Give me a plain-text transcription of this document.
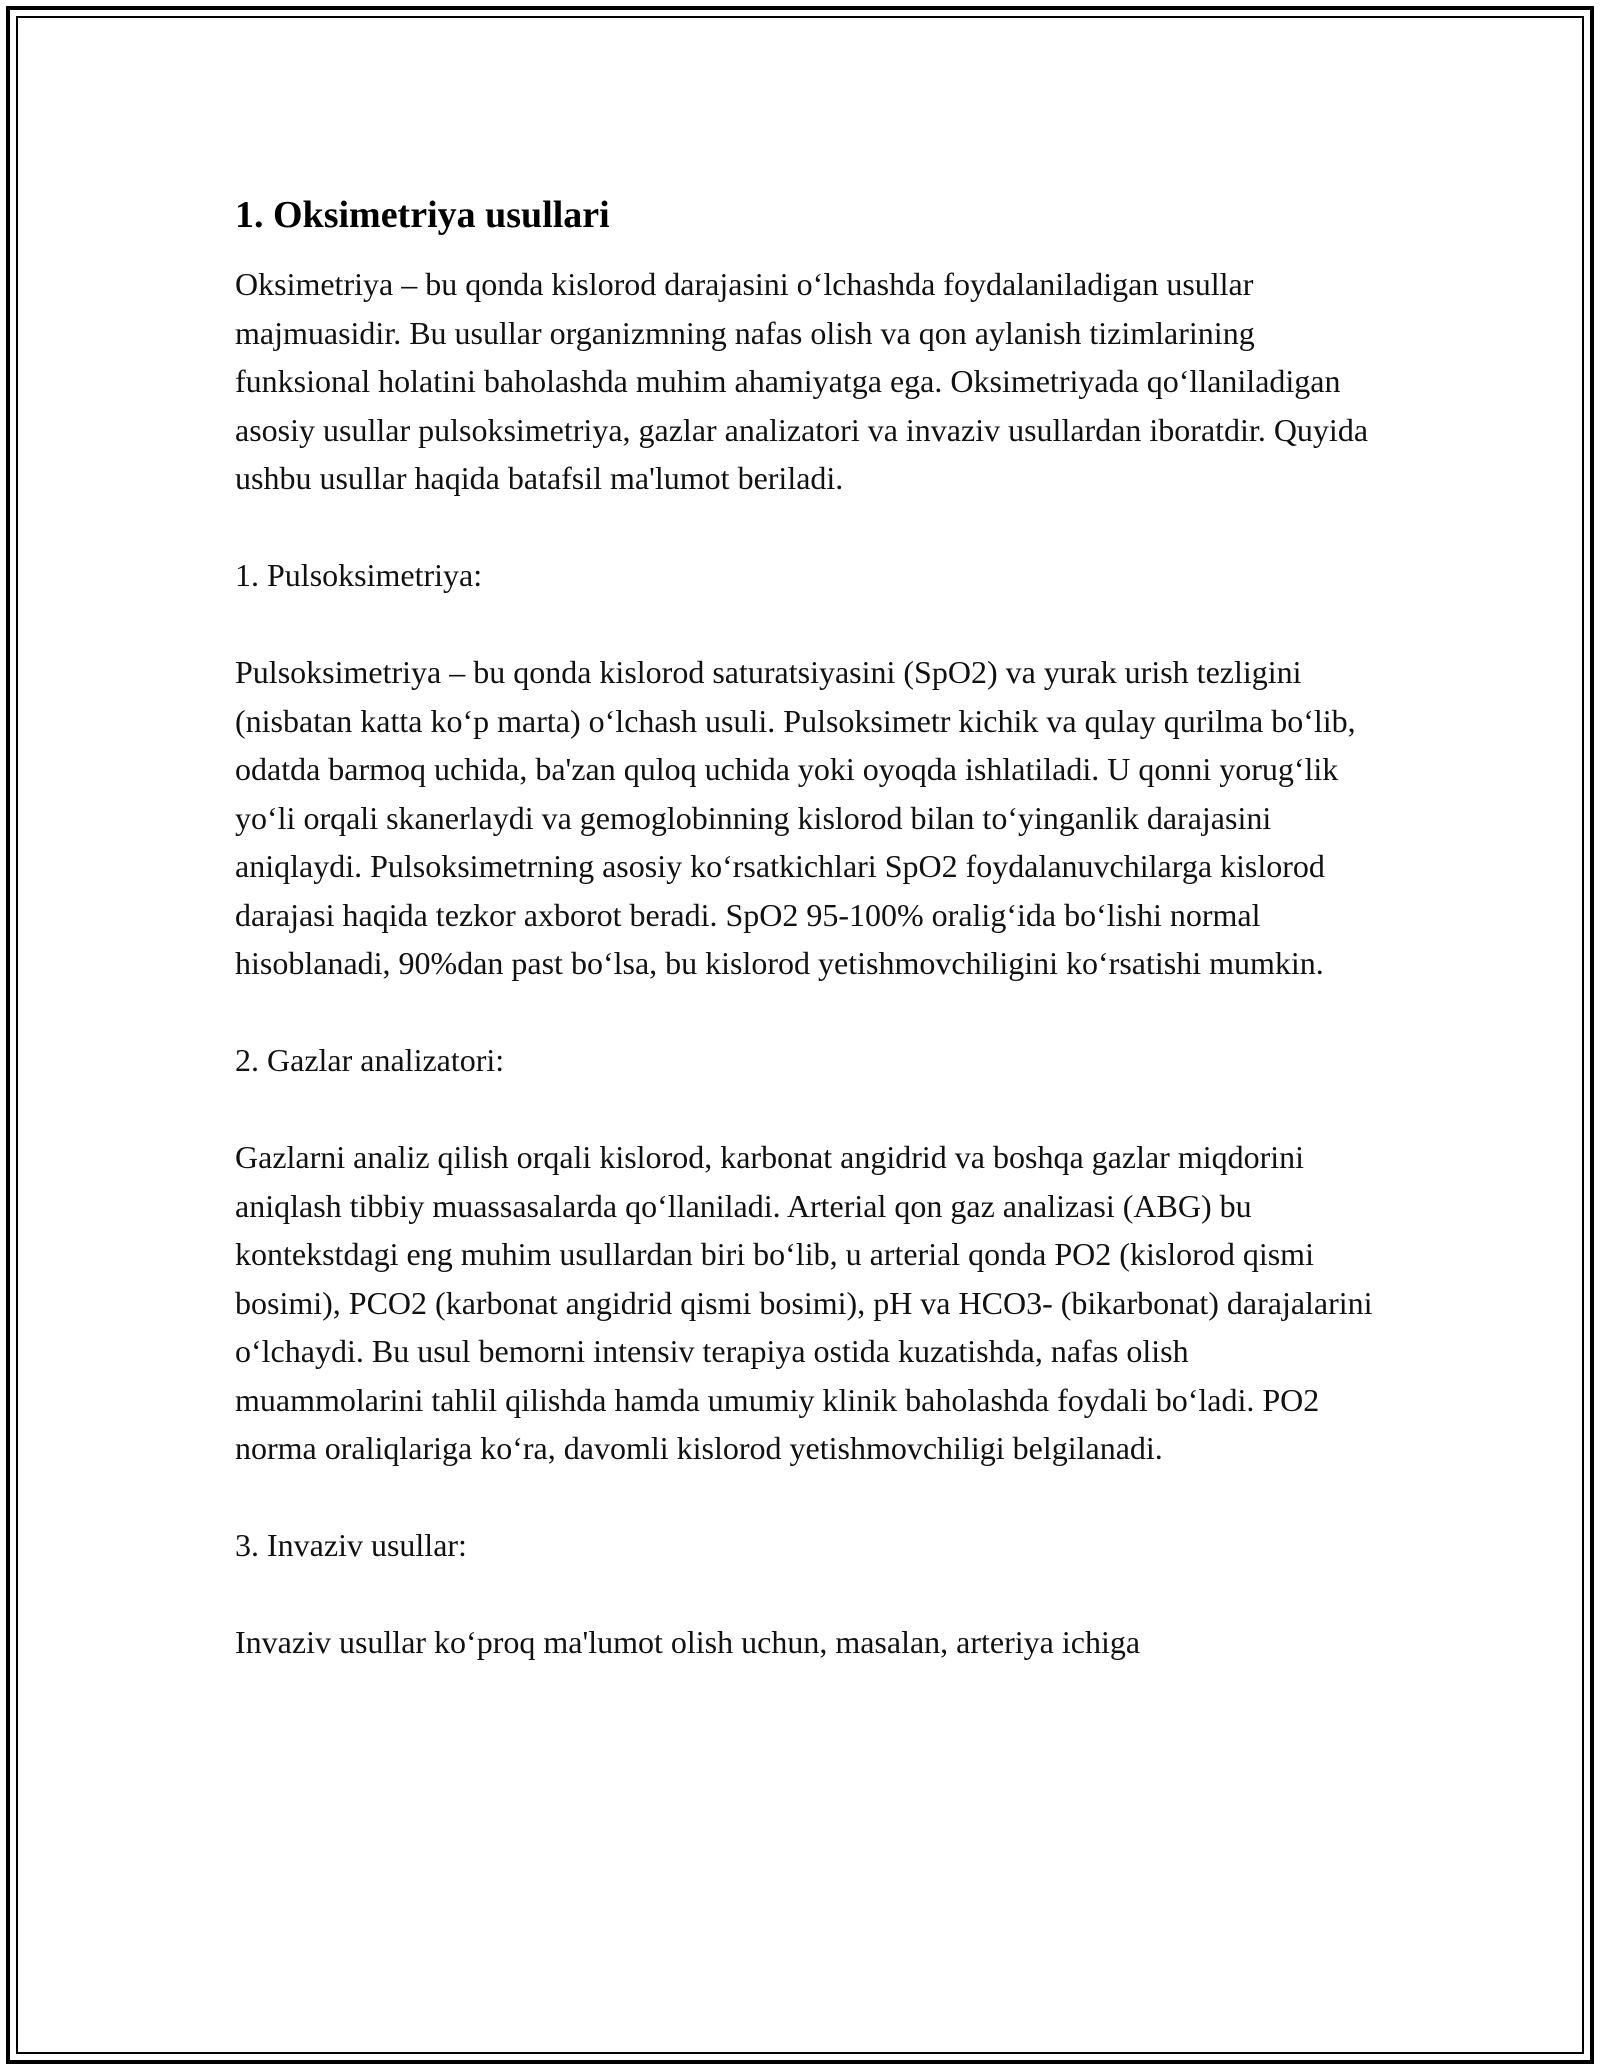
1. Oksimetriya usullari

Oksimetriya – bu qonda kislorod darajasini o‘lchashda foydalaniladigan usullar majmuasidir. Bu usullar organizmning nafas olish va qon aylanish tizimlarining funksional holatini baholashda muhim ahamiyatga ega. Oksimetriyada qo‘llaniladigan asosiy usullar pulsoksimetriya, gazlar analizatori va invaziv usullardan iboratdir. Quyida ushbu usullar haqida batafsil ma'lumot beriladi.

1. Pulsoksimetriya:

Pulsoksimetriya – bu qonda kislorod saturatsiyasini (SpO2) va yurak urish tezligini (nisbatan katta ko‘p marta) o‘lchash usuli. Pulsoksimetr kichik va qulay qurilma bo‘lib, odatda barmoq uchida, ba'zan quloq uchida yoki oyoqda ishlatiladi. U qonni yorug‘lik yo‘li orqali skanerlaydi va gemoglobinning kislorod bilan to‘yinganlik darajasini aniqlaydi. Pulsoksimetrning asosiy ko‘rsatkichlari SpO2 foydalanuvchilarga kislorod darajasi haqida tezkor axborot beradi. SpO2 95-100% oralig‘ida bo‘lishi normal hisoblanadi, 90%dan past bo‘lsa, bu kislorod yetishmovchiligini ko‘rsatishi mumkin.

2. Gazlar analizatori:

Gazlarni analiz qilish orqali kislorod, karbonat angidrid va boshqa gazlar miqdorini aniqlash tibbiy muassasalarda qo‘llaniladi. Arterial qon gaz analizasi (ABG) bu kontekstdagi eng muhim usullardan biri bo‘lib, u arterial qonda PO2 (kislorod qismi bosimi), PCO2 (karbonat angidrid qismi bosimi), pH va HCO3- (bikarbonat) darajalarini o‘lchaydi. Bu usul bemorni intensiv terapiya ostida kuzatishda, nafas olish muammolarini tahlil qilishda hamda umumiy klinik baholashda foydali bo‘ladi. PO2 norma oraliqlariga ko‘ra, davomli kislorod yetishmovchiligi belgilanadi.

3. Invaziv usullar:

Invaziv usullar ko‘proq ma'lumot olish uchun, masalan, arteriya ichiga
